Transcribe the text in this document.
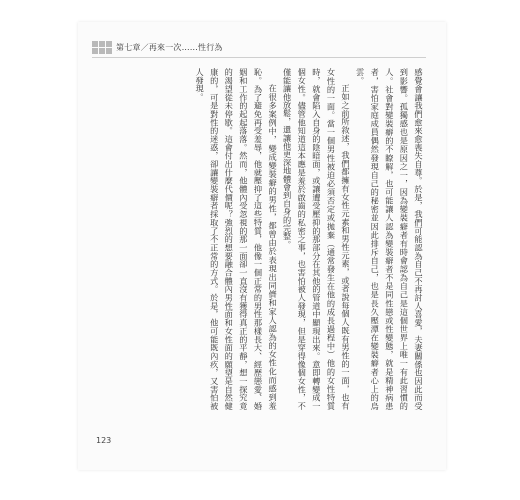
第七章／再來一次……性行為

感覺會讓我們愈來愈喪失自尊。於是，我們可能認為自己不再討人喜愛，夫妻關係也因此而受到影響。孤獨感也是原因之一，因為變裝癖者有時會認為自己是這個世界上唯一有此習慣的人。社會對變裝癖的不瞭解，也可能讓人認為變裝癖者不是同性戀或性變態，就是精神病患者，害怕家庭成員偶然發現自己的秘密並因此排斥自己，也是長久壓潭在變裝癖者心上的烏雲。

正如之前所敘述，我們都擁有女性元素和男性元素，或者說每個人既有男性的一面，也有女性的一面。當一個男性被迫必須否定或拋棄（通常發生在他的成長過程中）他的女性特質時，就會陷入自身的陰暗面，或讓遭受壓抑的那部分在其他的管道中顯現出來。意即轉變成一個女性。儘管他知道這本應是羞於啟齒的私密之事，也害怕被人發現，但是穿得像個女性，不僅能讓他放鬆，還讓他更深地體會到自身的完整。

在很多案例中，變成變裝癖的男性，都曾由於表現出同儕和家人認為的女性化而感到羞恥。為了避免再受羞辱，他就壓抑了這些特質，他像一個正常的男性那樣長大、經歷戀愛、婚姻和工作的起起落落。然而，他體內受忽視的那一面卻一直沒有獲得真正的平靜，想一探究竟的渴望從未停歇。這會付出什麼代價呢？強烈的想要融合體內男性面和女性面的願望是自然健康的，可是對性的迷惑，卻讓變裝癖者採取了不正常的方式。於是，他可能既內疚，又害怕被人發現。

123
